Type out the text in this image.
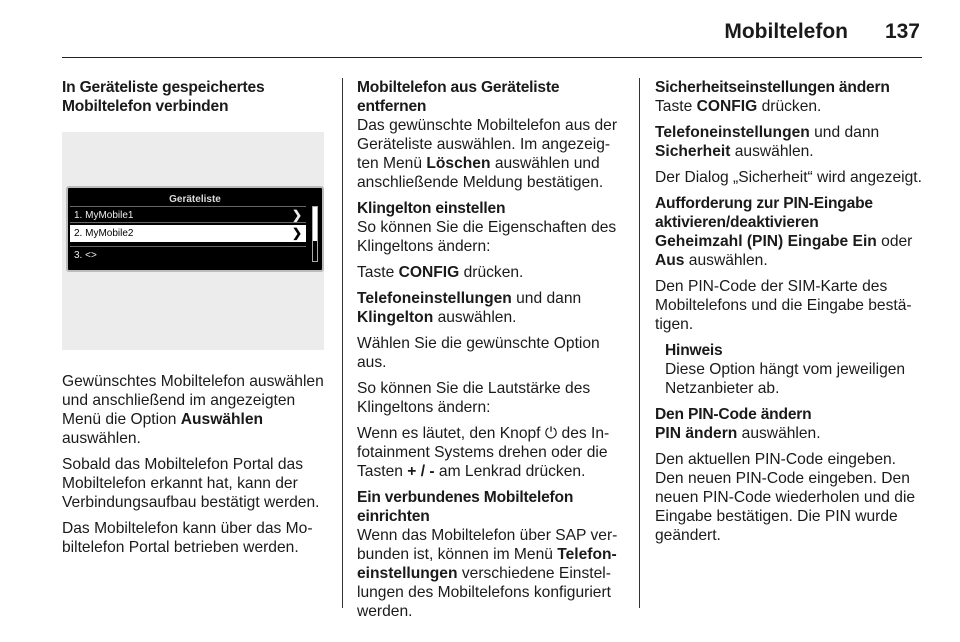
Mobiltelefon 137
In Geräteliste gespeichertes Mobiltelefon verbinden
Geräteliste
1. MyMobile1	❯
2. MyMobile2	❯
3. <>

Gewünschtes Mobiltelefon auswählen und anschließend im angezeigten Menü die Option Auswählen auswählen.

Sobald das Mobiltelefon Portal das Mobiltelefon erkannt hat, kann der Verbindungsaufbau bestätigt werden.

Das Mobiltelefon kann über das Mobiltelefon Portal betrieben werden.

Mobiltelefon aus Geräteliste entfernen

Das gewünschte Mobiltelefon aus der Geräteliste auswählen. Im angezeigten Menü Löschen auswählen und anschließende Meldung bestätigen.

Klingelton einstellen

So können Sie die Eigenschaften des Klingeltons ändern:

Taste CONFIG drücken.

Telefoneinstellungen und dann Klingelton auswählen.

Wählen Sie die gewünschte Option aus.

So können Sie die Lautstärke des Klingeltons ändern:

Wenn es läutet, den Knopf ⏻ des Infotainment Systems drehen oder die Tasten + / - am Lenkrad drücken.

Ein verbundenes Mobiltelefon einrichten

Wenn das Mobiltelefon über SAP verbunden ist, können im Menü Telefoneinstellungen verschiedene Einstellungen des Mobiltelefons konfiguriert werden.

Sicherheitseinstellungen ändern

Taste CONFIG drücken.

Telefoneinstellungen und dann Sicherheit auswählen.

Der Dialog „Sicherheit“ wird angezeigt.

Aufforderung zur PIN-Eingabe aktivieren/deaktivieren

Geheimzahl (PIN) Eingabe Ein oder Aus auswählen.

Den PIN-Code der SIM-Karte des Mobiltelefons und die Eingabe bestätigen.

Hinweis

Diese Option hängt vom jeweiligen Netzanbieter ab.

Den PIN-Code ändern

PIN ändern auswählen.

Den aktuellen PIN-Code eingeben. Den neuen PIN-Code eingeben. Den neuen PIN-Code wiederholen und die Eingabe bestätigen. Die PIN wurde geändert.
